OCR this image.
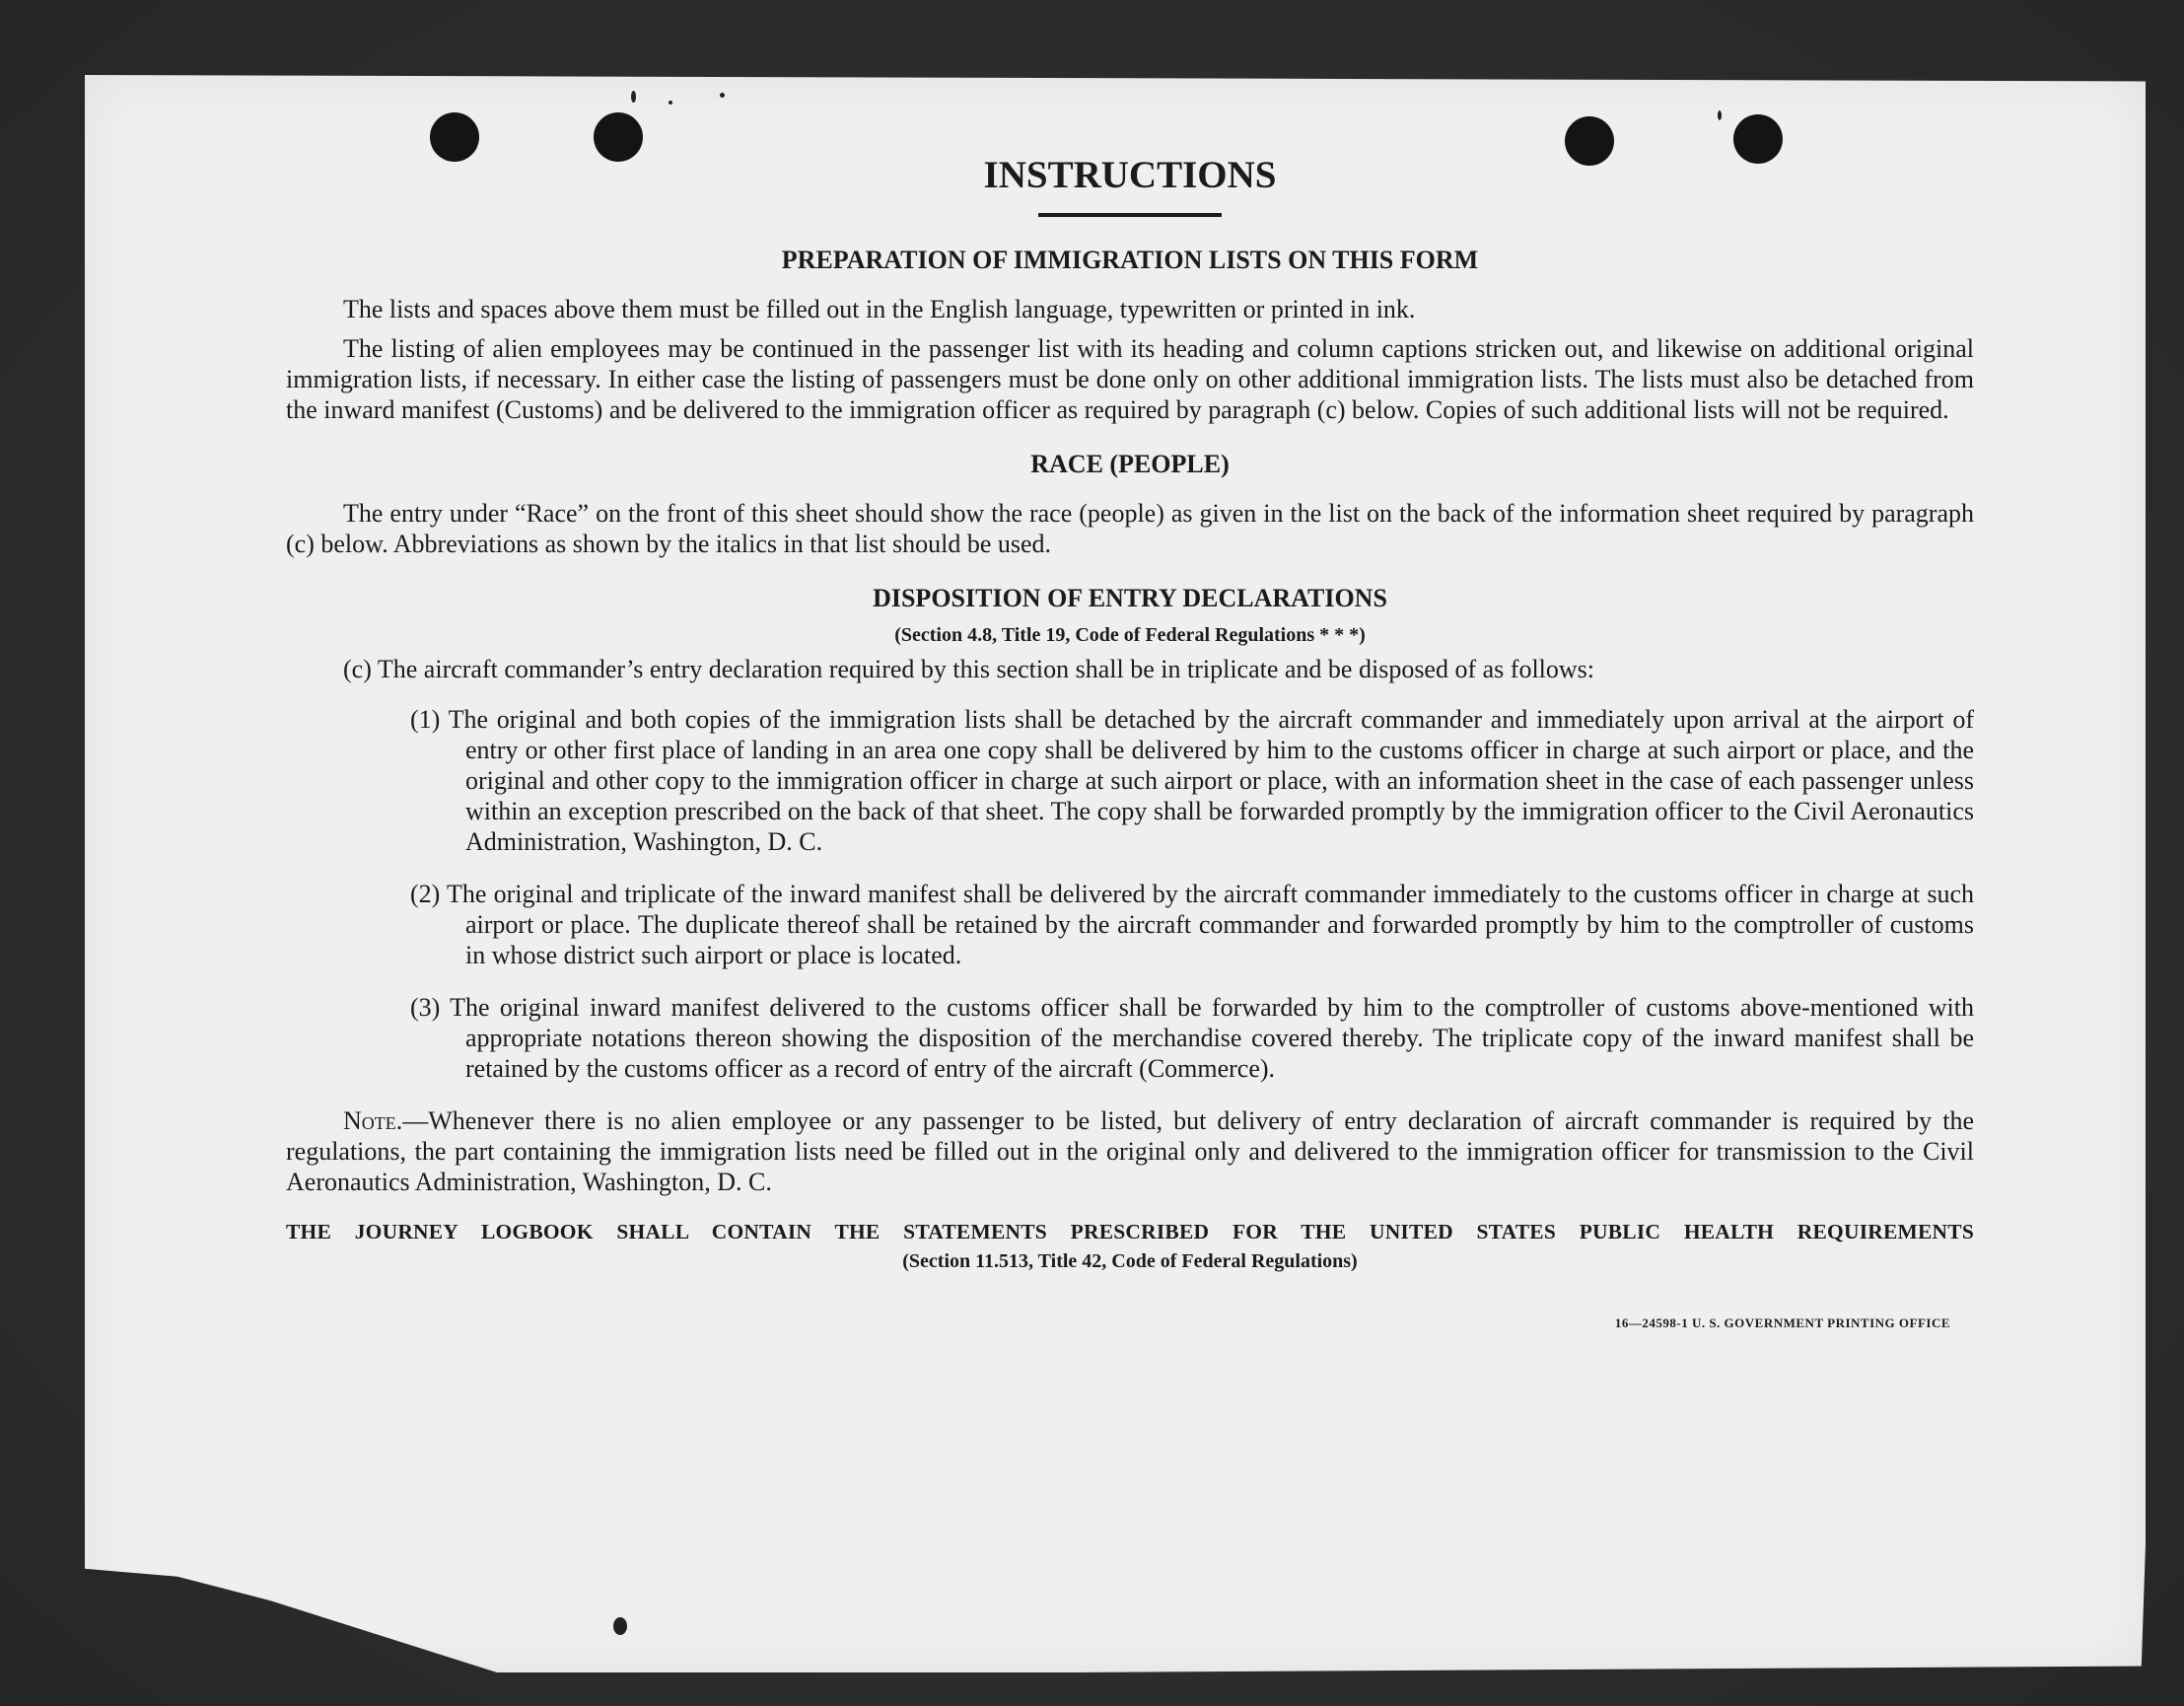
INSTRUCTIONS
PREPARATION OF IMMIGRATION LISTS ON THIS FORM

The lists and spaces above them must be filled out in the English language, typewritten or printed in ink.

The listing of alien employees may be continued in the passenger list with its heading and column captions stricken out, and likewise on additional original immigration lists, if necessary. In either case the listing of passengers must be done only on other additional immigration lists. The lists must also be detached from the inward manifest (Customs) and be delivered to the immigration officer as required by paragraph (c) below. Copies of such additional lists will not be required.

RACE (PEOPLE)

The entry under “Race” on the front of this sheet should show the race (people) as given in the list on the back of the information sheet required by paragraph (c) below. Abbreviations as shown by the italics in that list should be used.

DISPOSITION OF ENTRY DECLARATIONS
(Section 4.8, Title 19, Code of Federal Regulations * * *)

(c) The aircraft commander’s entry declaration required by this section shall be in triplicate and be disposed of as follows:

(1) The original and both copies of the immigration lists shall be detached by the aircraft commander and immediately upon arrival at the airport of entry or other first place of landing in an area one copy shall be delivered by him to the customs officer in charge at such airport or place, and the original and other copy to the immigration officer in charge at such airport or place, with an information sheet in the case of each passenger unless within an exception prescribed on the back of that sheet. The copy shall be forwarded promptly by the immigration officer to the Civil Aeronautics Administration, Washington, D. C.

(2) The original and triplicate of the inward manifest shall be delivered by the aircraft commander immediately to the customs officer in charge at such airport or place. The duplicate thereof shall be retained by the aircraft commander and forwarded promptly by him to the comptroller of customs in whose district such airport or place is located.

(3) The original inward manifest delivered to the customs officer shall be forwarded by him to the comptroller of customs above-mentioned with appropriate notations thereon showing the disposition of the merchandise covered thereby. The triplicate copy of the inward manifest shall be retained by the customs officer as a record of entry of the aircraft (Commerce).

Note.—Whenever there is no alien employee or any passenger to be listed, but delivery of entry declaration of aircraft commander is required by the regulations, the part containing the immigration lists need be filled out in the original only and delivered to the immigration officer for transmission to the Civil Aeronautics Administration, Washington, D. C.

THE JOURNEY LOGBOOK SHALL CONTAIN THE STATEMENTS PRESCRIBED FOR THE UNITED STATES PUBLIC HEALTH REQUIREMENTS

(Section 11.513, Title 42, Code of Federal Regulations)
16—24598-1 U. S. GOVERNMENT PRINTING OFFICE
